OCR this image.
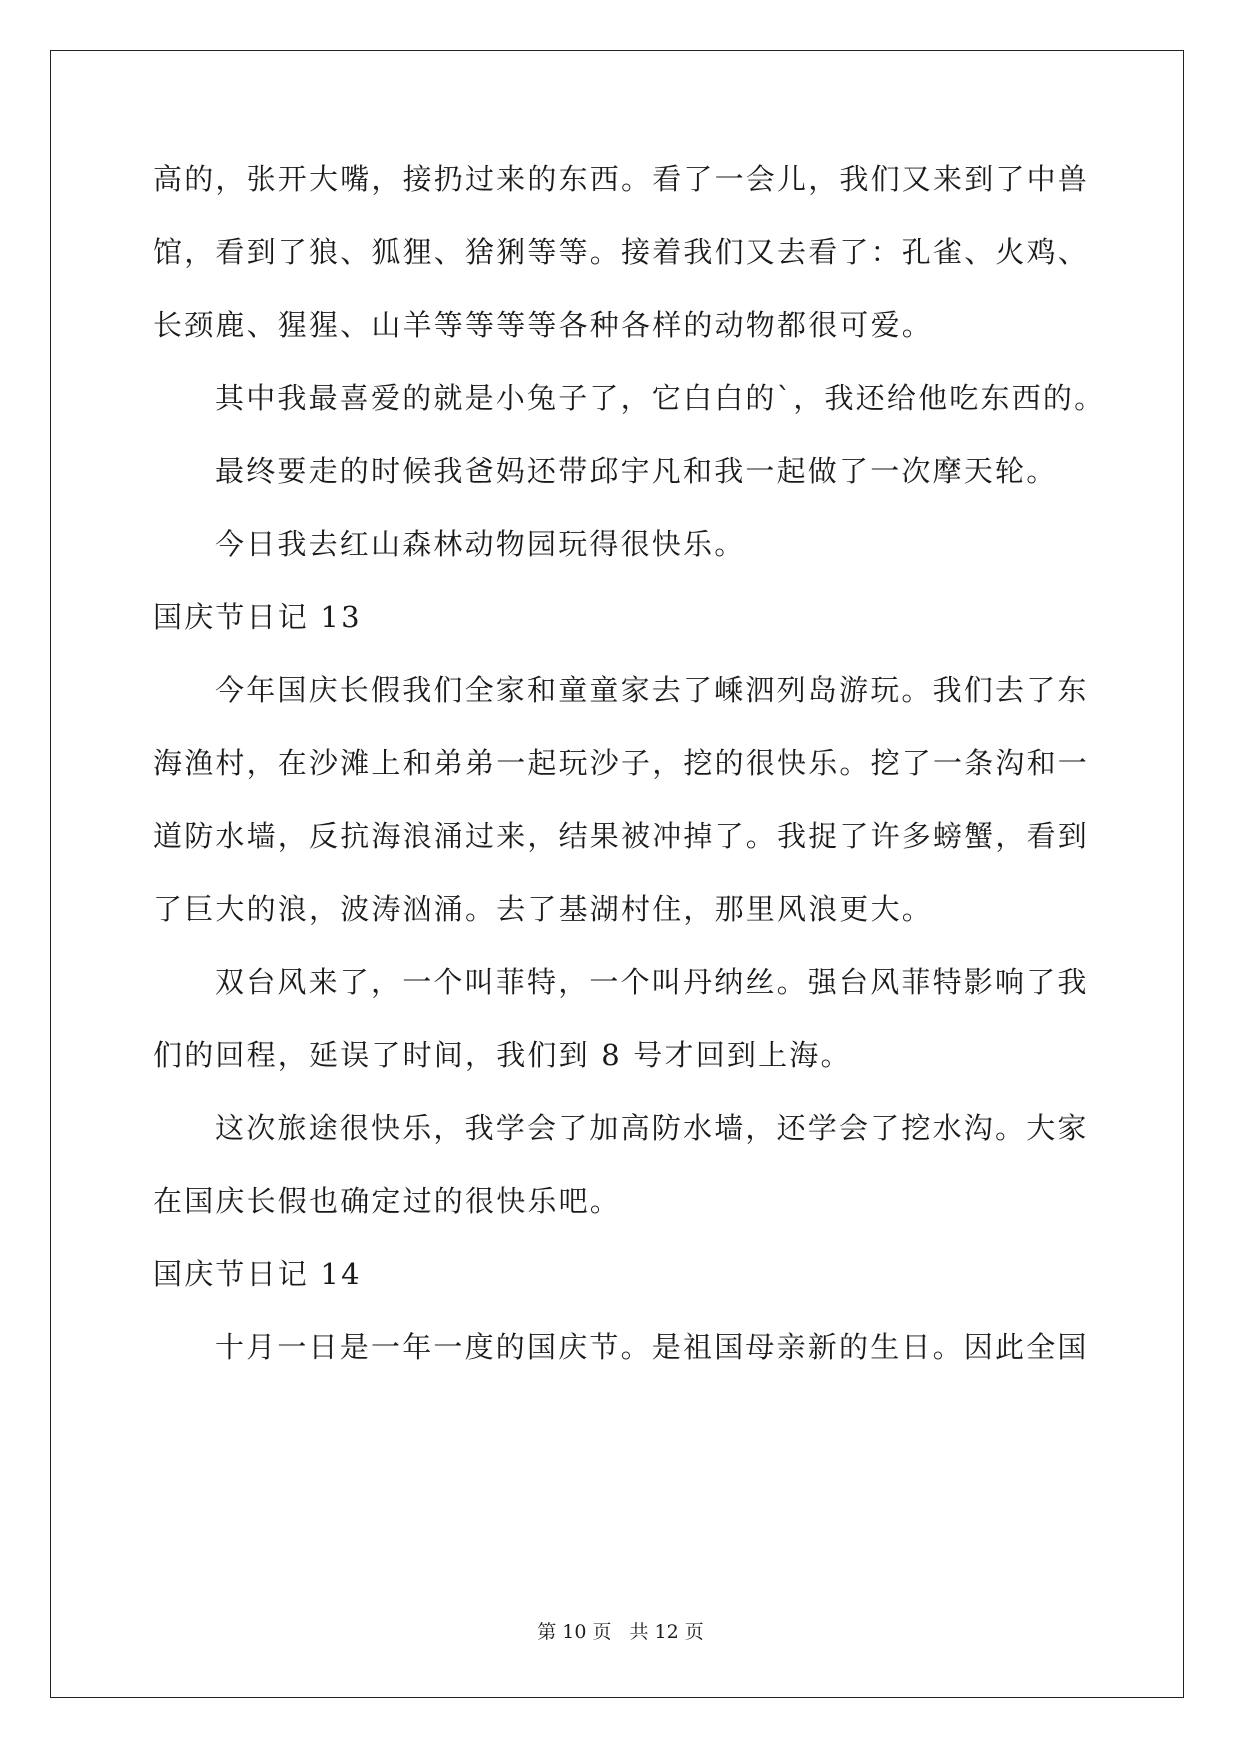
高的，张开大嘴，接扔过来的东西。看了一会儿，我们又来到了中兽

馆，看到了狼、狐狸、猞猁等等。接着我们又去看了：孔雀、火鸡、

长颈鹿、猩猩、山羊等等等等各种各样的动物都很可爱。

其中我最喜爱的就是小兔子了，它白白的`，我还给他吃东西的。

最终要走的时候我爸妈还带邱宇凡和我一起做了一次摩天轮。

今日我去红山森林动物园玩得很快乐。

国庆节日记 13

今年国庆长假我们全家和童童家去了嵊泗列岛游玩。我们去了东

海渔村，在沙滩上和弟弟一起玩沙子，挖的很快乐。挖了一条沟和一

道防水墙，反抗海浪涌过来，结果被冲掉了。我捉了许多螃蟹，看到

了巨大的浪，波涛汹涌。去了基湖村住，那里风浪更大。

双台风来了，一个叫菲特，一个叫丹纳丝。强台风菲特影响了我

们的回程，延误了时间，我们到 8 号才回到上海。

这次旅途很快乐，我学会了加高防水墙，还学会了挖水沟。大家

在国庆长假也确定过的很快乐吧。

国庆节日记 14

十月一日是一年一度的国庆节。是祖国母亲新的生日。因此全国

第 10 页 共 12 页
